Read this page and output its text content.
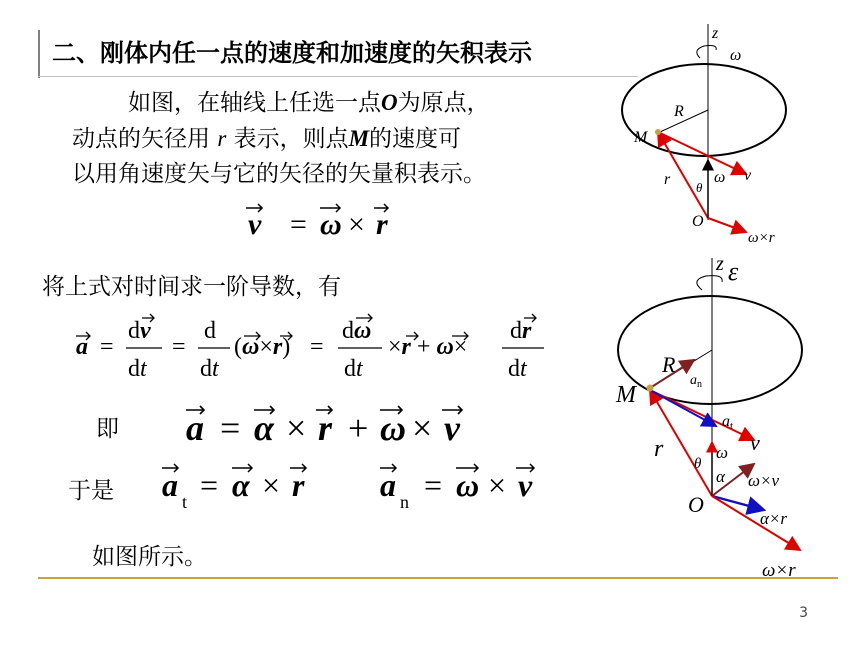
二、刚体内任一点的速度和加速度的矢积表示
如图，在轴线上任选一点O为原点，
动点的矢径用 r 表示，则点M的速度可
以用角速度矢与它的矢径的矢量积表示。
v = ω × r
将上式对时间求一阶导数，有
a =
dv
dt
=
d
dt
(ω×r) =
dω
dt
×r + ω×
dr
dt
即 a = α × r + ω × v
于是 a t = α × r a n = ω × v
如图所示。
3
z
ω
R
M
r θ
ω v
O
ω×r
z ε
R
$a_n$
M
at
v
r
θ
ω
α
O
ω×v
α×r
ω×r
